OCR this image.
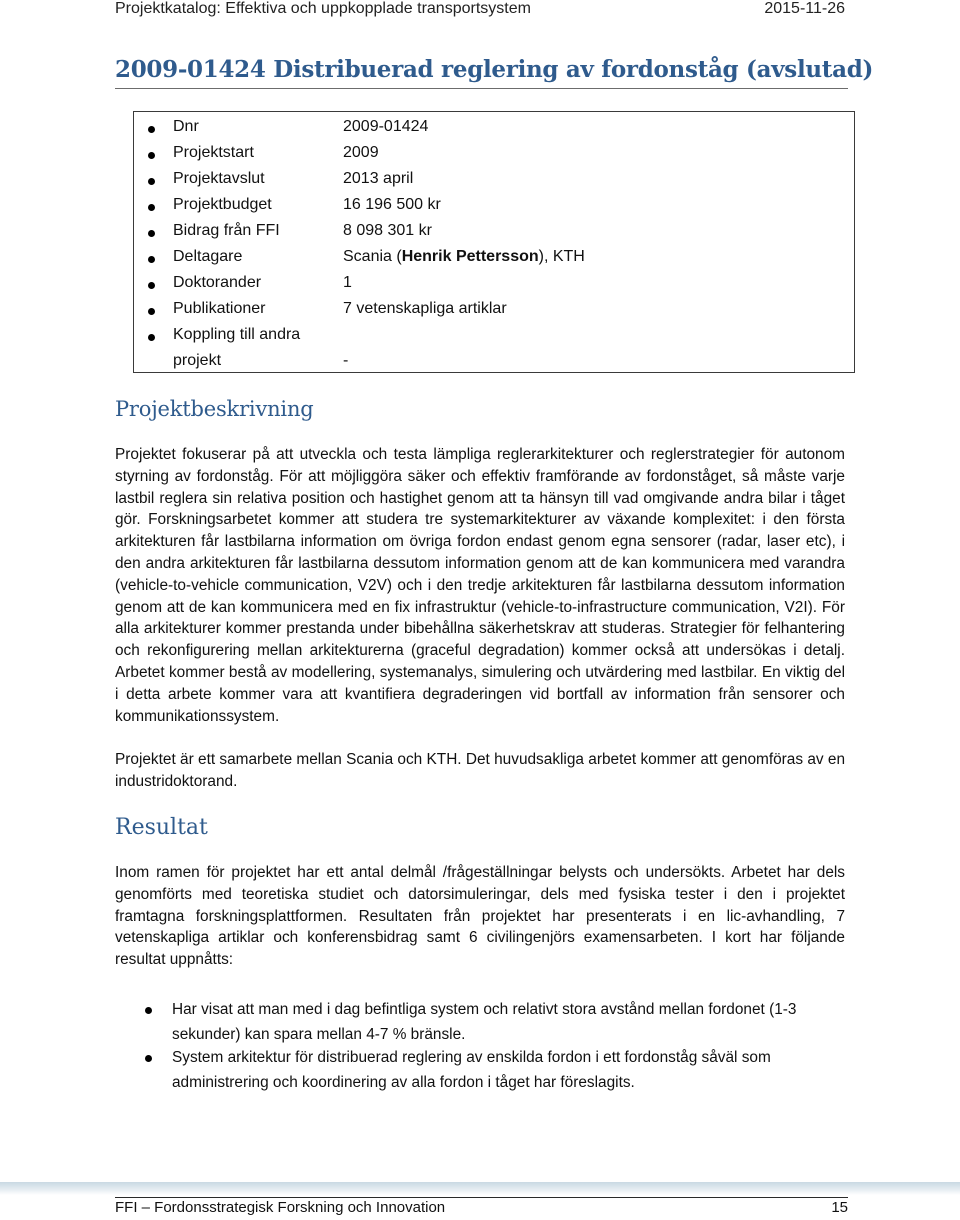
Projektkatalog: Effektiva och uppkopplade transportsystem	2015-11-26
2009-01424 Distribuerad reglering av fordonståg (avslutad)
Dnr	2009-01424
Projektstart	2009
Projektavslut	2013 april
Projektbudget	16 196 500 kr
Bidrag från FFI	8 098 301 kr
Deltagare	Scania (Henrik Pettersson), KTH
Doktorander	1
Publikationer	7 vetenskapliga artiklar
Koppling till andra
projekt	-
Projektbeskrivning
Projektet fokuserar på att utveckla och testa lämpliga reglerarkitekturer och reglerstrategier för autonom styrning av fordonståg. För att möjliggöra säker och effektiv framförande av fordonståget, så måste varje lastbil reglera sin relativa position och hastighet genom att ta hänsyn till vad omgivande andra bilar i tåget gör. Forskningsarbetet kommer att studera tre systemarkitekturer av växande komplexitet: i den första arkitekturen får lastbilarna information om övriga fordon endast genom egna sensorer (radar, laser etc), i den andra arkitekturen får lastbilarna dessutom information genom att de kan kommunicera med varandra (vehicle-to-vehicle communication, V2V) och i den tredje arkitekturen får lastbilarna dessutom information genom att de kan kommunicera med en fix infrastruktur (vehicle-to-infrastructure communication, V2I). För alla arkitekturer kommer prestanda under bibehållna säkerhetskrav att studeras. Strategier för felhantering och rekonfigurering mellan arkitekturerna (graceful degradation) kommer också att undersökas i detalj. Arbetet kommer bestå av modellering, systemanalys, simulering och utvärdering med lastbilar. En viktig del i detta arbete kommer vara att kvantifiera degraderingen vid bortfall av information från sensorer och kommunikationssystem.
Projektet är ett samarbete mellan Scania och KTH. Det huvudsakliga arbetet kommer att genomföras av en industridoktorand.
Resultat
Inom ramen för projektet har ett antal delmål /frågeställningar belysts och undersökts. Arbetet har dels genomförts med teoretiska studiet och datorsimuleringar, dels med fysiska tester i den i projektet framtagna forskningsplattformen. Resultaten från projektet har presenterats i en lic-avhandling, 7 vetenskapliga artiklar och konferensbidrag samt 6 civilingenjörs examensarbeten. I kort har följande resultat uppnåtts:
Har visat att man med i dag befintliga system och relativt stora avstånd mellan fordonet (1-3 sekunder) kan spara mellan 4-7 % bränsle.
System arkitektur för distribuerad reglering av enskilda fordon i ett fordonståg såväl som administrering och koordinering av alla fordon i tåget har föreslagits.
FFI – Fordonsstrategisk Forskning och Innovation	15
